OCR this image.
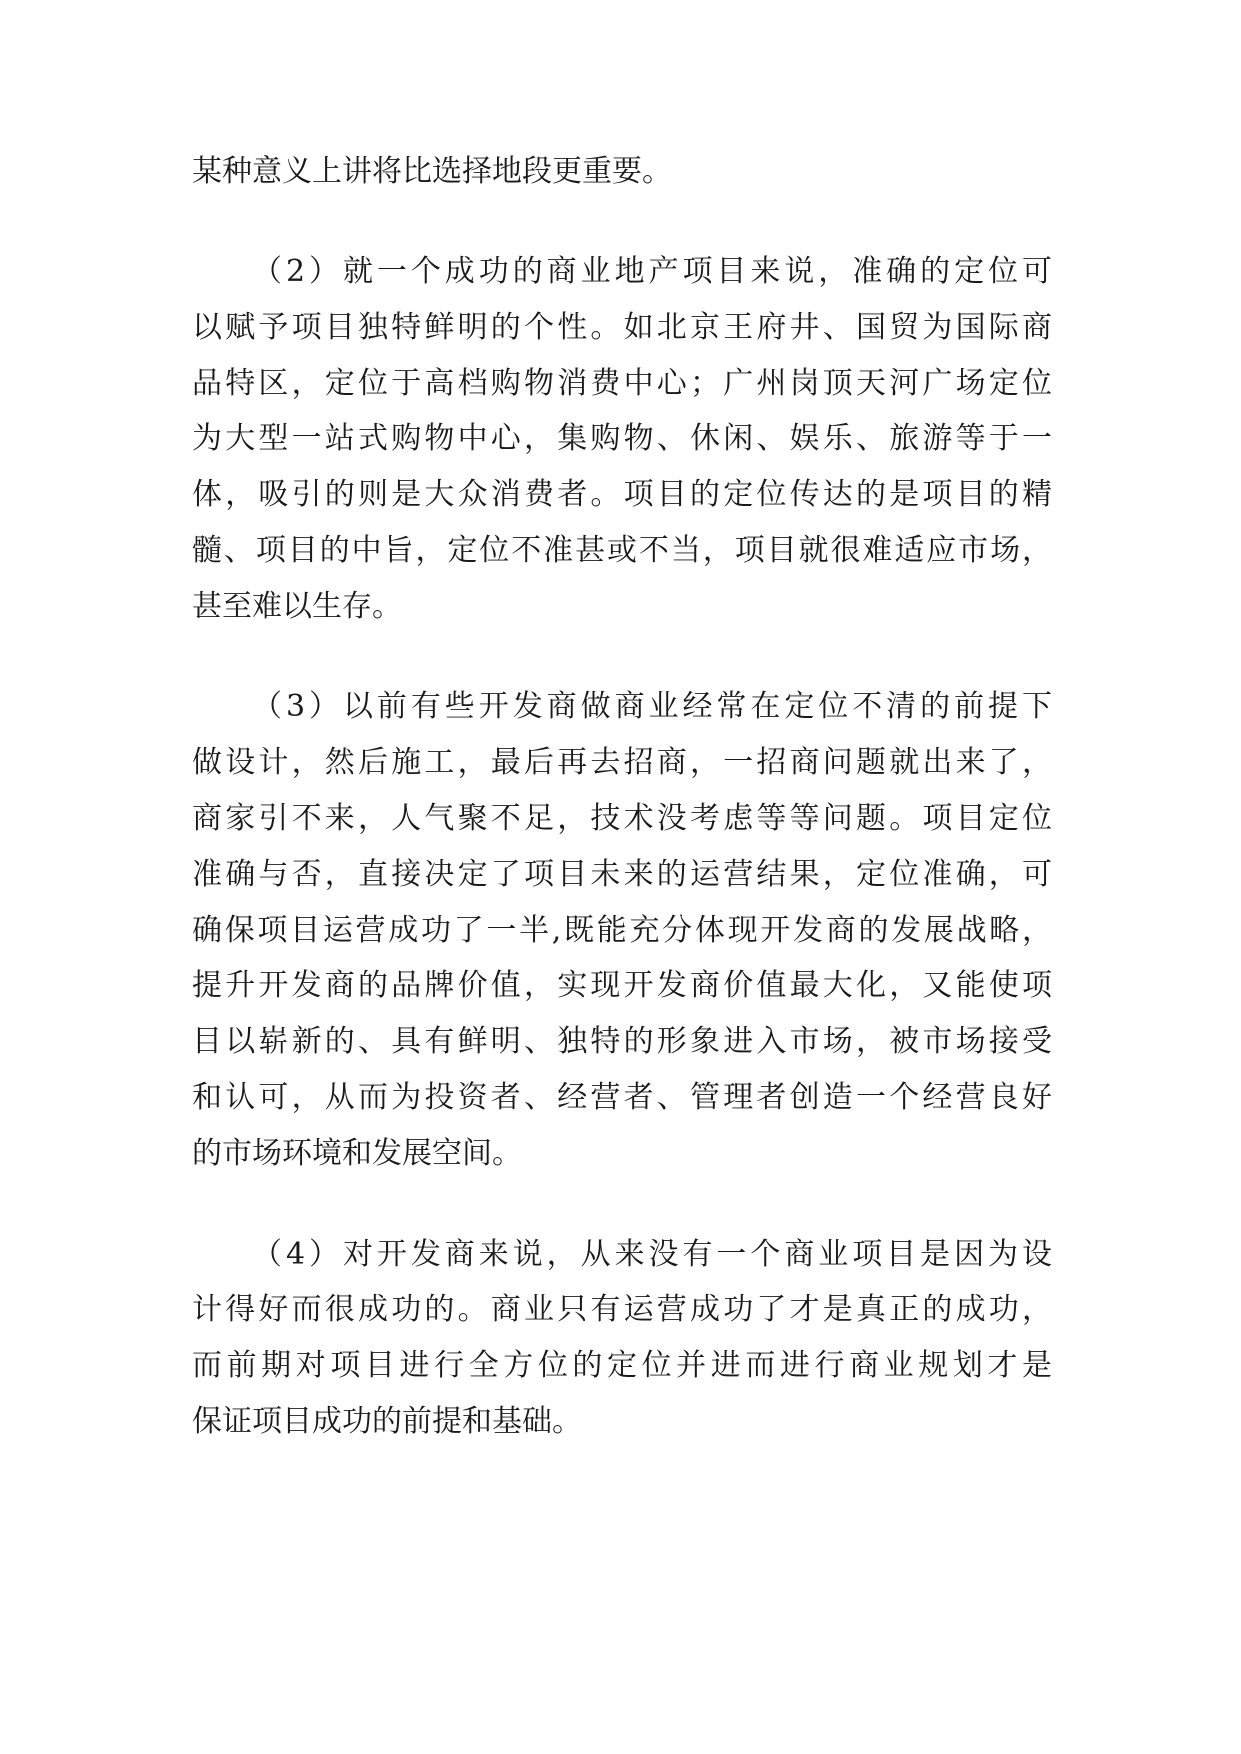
某种意义上讲将比选择地段更重要。
（2）就一个成功的商业地产项目来说，准确的定位可
以赋予项目独特鲜明的个性。如北京王府井、国贸为国际商
品特区，定位于高档购物消费中心；广州岗顶天河广场定位
为大型一站式购物中心，集购物、休闲、娱乐、旅游等于一
体，吸引的则是大众消费者。项目的定位传达的是项目的精
髓、项目的中旨，定位不准甚或不当，项目就很难适应市场，
甚至难以生存。
（3）以前有些开发商做商业经常在定位不清的前提下
做设计，然后施工，最后再去招商，一招商问题就出来了，
商家引不来，人气聚不足，技术没考虑等等问题。项目定位
准确与否，直接决定了项目未来的运营结果，定位准确，可
确保项目运营成功了一半,既能充分体现开发商的发展战略，
提升开发商的品牌价值，实现开发商价值最大化，又能使项
目以崭新的、具有鲜明、独特的形象进入市场，被市场接受
和认可，从而为投资者、经营者、管理者创造一个经营良好
的市场环境和发展空间。
（4）对开发商来说，从来没有一个商业项目是因为设
计得好而很成功的。商业只有运营成功了才是真正的成功，
而前期对项目进行全方位的定位并进而进行商业规划才是
保证项目成功的前提和基础。
